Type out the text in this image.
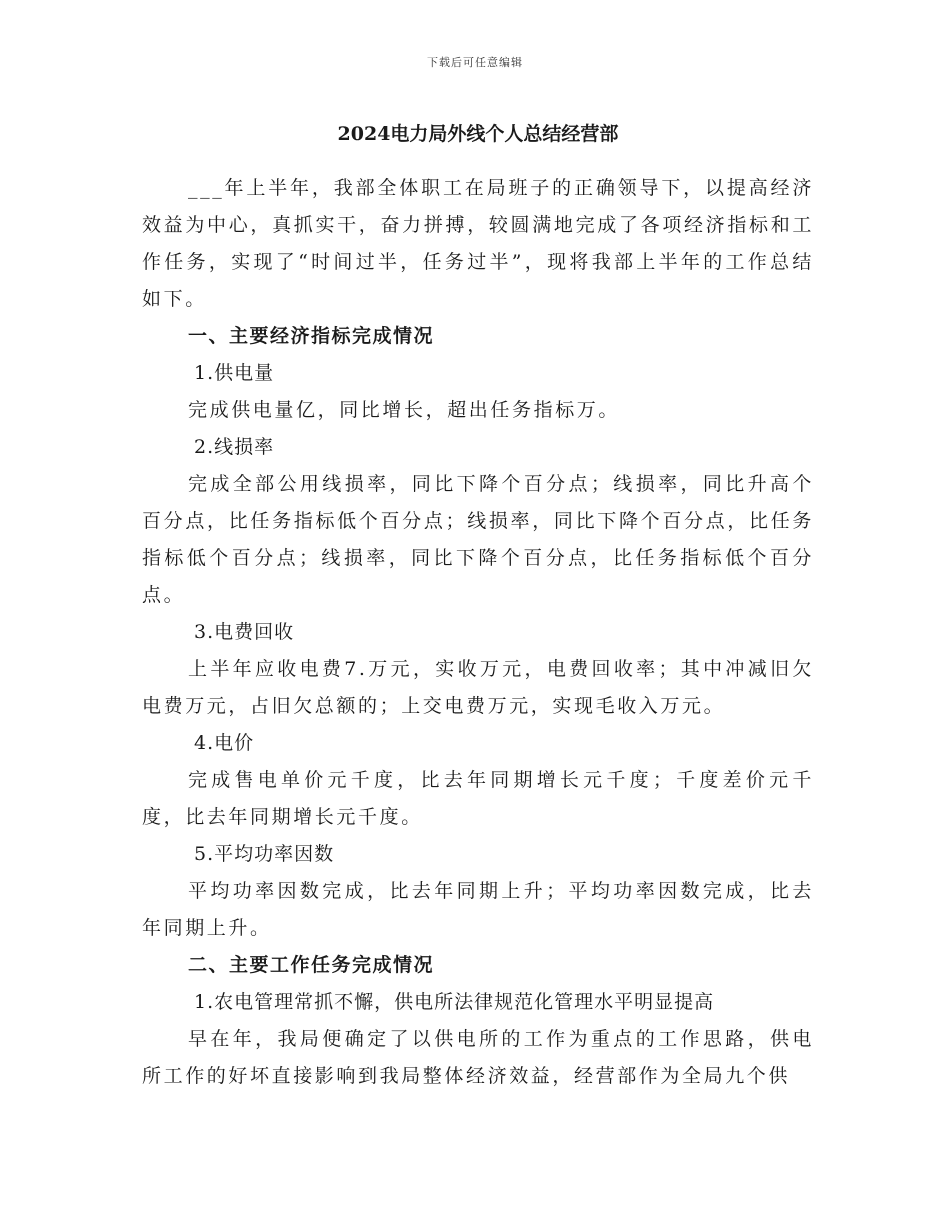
下载后可任意编辑
2024电力局外线个人总结经营部

___年上半年，我部全体职工在局班子的正确领导下，以提高经济效益为中心，真抓实干，奋力拼搏，较圆满地完成了各项经济指标和工作任务，实现了“时间过半，任务过半”，现将我部上半年的工作总结如下。

一、主要经济指标完成情况

1.供电量

完成供电量亿，同比增长，超出任务指标万。

2.线损率

完成全部公用线损率，同比下降个百分点；线损率，同比升高个百分点，比任务指标低个百分点；线损率，同比下降个百分点，比任务指标低个百分点；线损率，同比下降个百分点，比任务指标低个百分点。

3.电费回收

上半年应收电费7.万元，实收万元，电费回收率；其中冲减旧欠电费万元，占旧欠总额的；上交电费万元，实现毛收入万元。

4.电价

完成售电单价元千度，比去年同期增长元千度；千度差价元千度，比去年同期增长元千度。

5.平均功率因数

平均功率因数完成，比去年同期上升；平均功率因数完成，比去年同期上升。

二、主要工作任务完成情况

1.农电管理常抓不懈，供电所法律规范化管理水平明显提高

早在年，我局便确定了以供电所的工作为重点的工作思路，供电所工作的好坏直接影响到我局整体经济效益，经营部作为全局九个供
